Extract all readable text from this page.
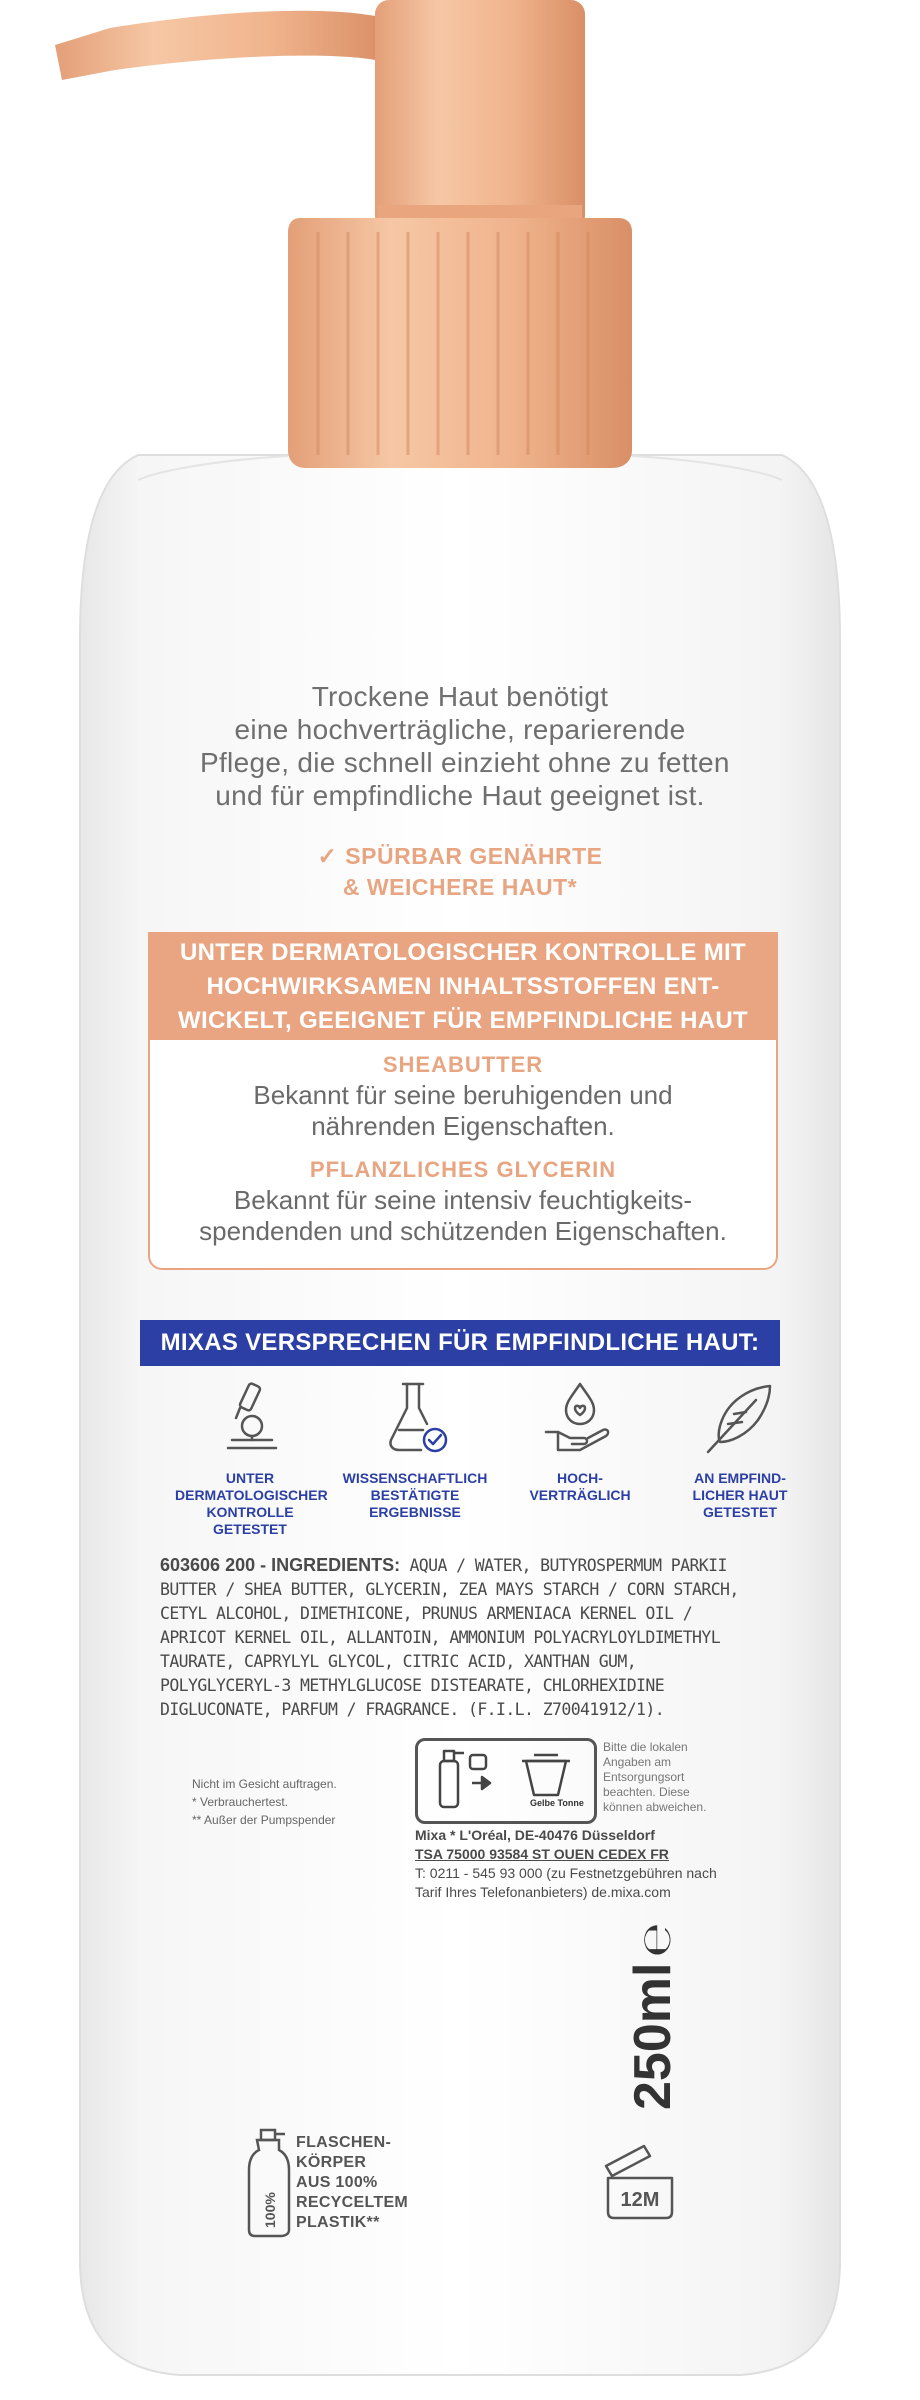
Trockene Haut benötigt
eine hochverträgliche, reparierende
Pflege, die schnell einzieht ohne zu fetten
und für empfindliche Haut geeignet ist.
✓ SPÜRBAR GENÄHRTE
& WEICHERE HAUT*
UNTER DERMATOLOGISCHER KONTROLLE MIT
HOCHWIRKSAMEN INHALTSSTOFFEN ENT-
WICKELT, GEEIGNET FÜR EMPFINDLICHE HAUT
SHEABUTTER
Bekannt für seine beruhigenden und
nährenden Eigenschaften.
PFLANZLICHES GLYCERIN
Bekannt für seine intensiv feuchtigkeits-
spendenden und schützenden Eigenschaften.
MIXAS VERSPRECHEN FÜR EMPFINDLICHE HAUT:
UNTER
DERMATOLOGISCHER
KONTROLLE
GETESTET
WISSENSCHAFTLICH
BESTÄTIGTE
ERGEBNISSE
HOCH-
VERTRÄGLICH
AN EMPFIND-
LICHER HAUT
GETESTET
603606 200 - INGREDIENTS: AQUA / WATER, BUTYROSPERMUM PARKII
BUTTER / SHEA BUTTER, GLYCERIN, ZEA MAYS STARCH / CORN STARCH,
CETYL ALCOHOL, DIMETHICONE, PRUNUS ARMENIACA KERNEL OIL /
APRICOT KERNEL OIL, ALLANTOIN, AMMONIUM POLYACRYLOYLDIMETHYL
TAURATE, CAPRYLYL GLYCOL, CITRIC ACID, XANTHAN GUM,
POLYGLYCERYL-3 METHYLGLUCOSE DISTEARATE, CHLORHEXIDINE
DIGLUCONATE, PARFUM / FRAGRANCE. (F.I.L. Z70041912/1).
Nicht im Gesicht auftragen.
* Verbrauchertest.
** Außer der Pumpspender
Gelbe Tonne
Bitte die lokalen
Angaben am
Entsorgungsort
beachten. Diese
können abweichen.
Mixa * L'Oréal, DE-40476 Düsseldorf
TSA 75000 93584 ST OUEN CEDEX FR
T: 0211 - 545 93 000 (zu Festnetzgebühren nach
Tarif Ihres Telefonanbieters) de.mixa.com
250ml
℮
100%
FLASCHEN-
KÖRPER
AUS 100%
RECYCELTEM
PLASTIK**
12M
